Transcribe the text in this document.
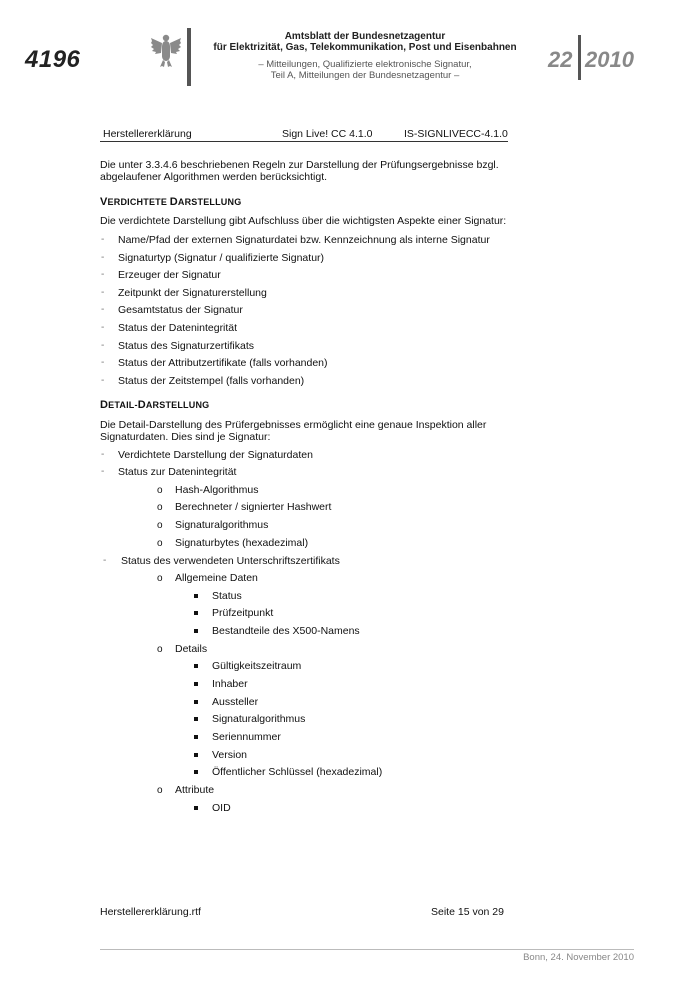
4196
Amtsblatt der Bundesnetzagentur
für Elektrizität, Gas, Telekommunikation, Post und Eisenbahnen
– Mitteilungen, Qualifizierte elektronische Signatur,
Teil A, Mitteilungen der Bundesnetzagentur –
22 2010
Herstellererklärung	Sign Live! CC 4.1.0	IS-SIGNLIVECC-4.1.0
Die unter 3.3.4.6 beschriebenen Regeln zur Darstellung der Prüfungsergebnisse bzgl.
abgelaufener Algorithmen werden berücksichtigt.
VERDICHTETE DARSTELLUNG
Die verdichtete Darstellung gibt Aufschluss über die wichtigsten Aspekte einer Signatur:
- Name/Pfad der externen Signaturdatei bzw. Kennzeichnung als interne Signatur
- Signaturtyp (Signatur / qualifizierte Signatur)
- Erzeuger der Signatur
- Zeitpunkt der Signaturerstellung
- Gesamtstatus der Signatur
- Status der Datenintegrität
- Status des Signaturzertifikats
- Status der Attributzertifikate (falls vorhanden)
- Status der Zeitstempel (falls vorhanden)
DETAIL-DARSTELLUNG
Die Detail-Darstellung des Prüfergebnisses ermöglicht eine genaue Inspektion aller
Signaturdaten. Dies sind je Signatur:
- Verdichtete Darstellung der Signaturdaten
- Status zur Datenintegrität
o Hash-Algorithmus
o Berechneter / signierter Hashwert
o Signaturalgorithmus
o Signaturbytes (hexadezimal)
- Status des verwendeten Unterschriftszertifikats
o Allgemeine Daten
Status
Prüfzeitpunkt
Bestandteile des X500-Namens
o Details
Gültigkeitszeitraum
Inhaber
Aussteller
Signaturalgorithmus
Seriennummer
Version
Öffentlicher Schlüssel (hexadezimal)
o Attribute
OID
Herstellererklärung.rtf	Seite 15 von 29
Bonn, 24. November 2010
